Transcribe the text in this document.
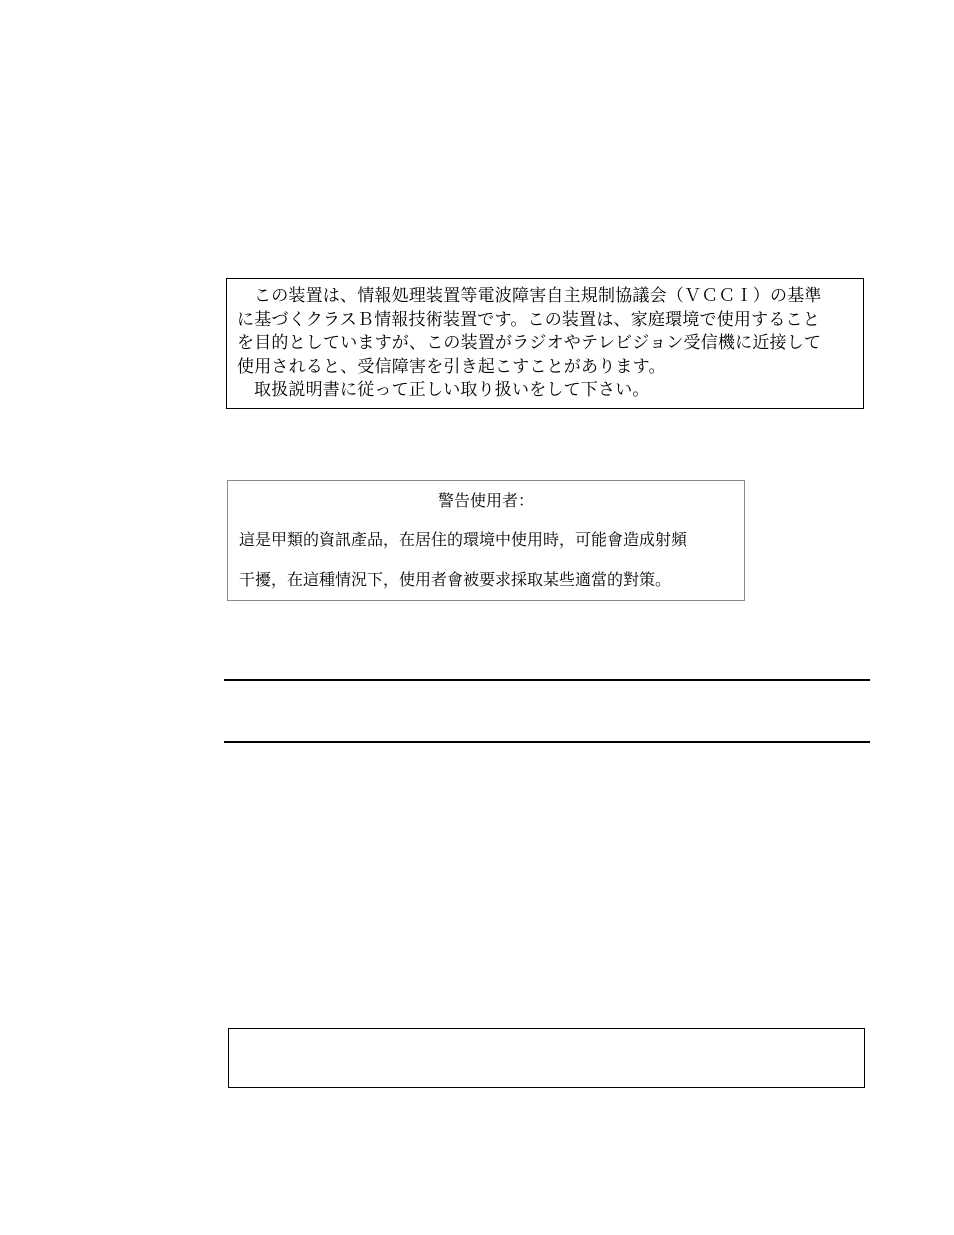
この装置は、情報処理装置等電波障害自主規制協議会（ＶＣＣＩ）の基準
に基づくクラスＢ情報技術装置です。この装置は、家庭環境で使用すること
を目的としていますが、この装置がラジオやテレビジョン受信機に近接して
使用されると、受信障害を引き起こすことがあります。
取扱説明書に従って正しい取り扱いをして下さい。
警告使用者：
這是甲類的資訊產品，在居住的環境中使用時，可能會造成射頻
干擾，在這種情況下，使用者會被要求採取某些適當的對策。
